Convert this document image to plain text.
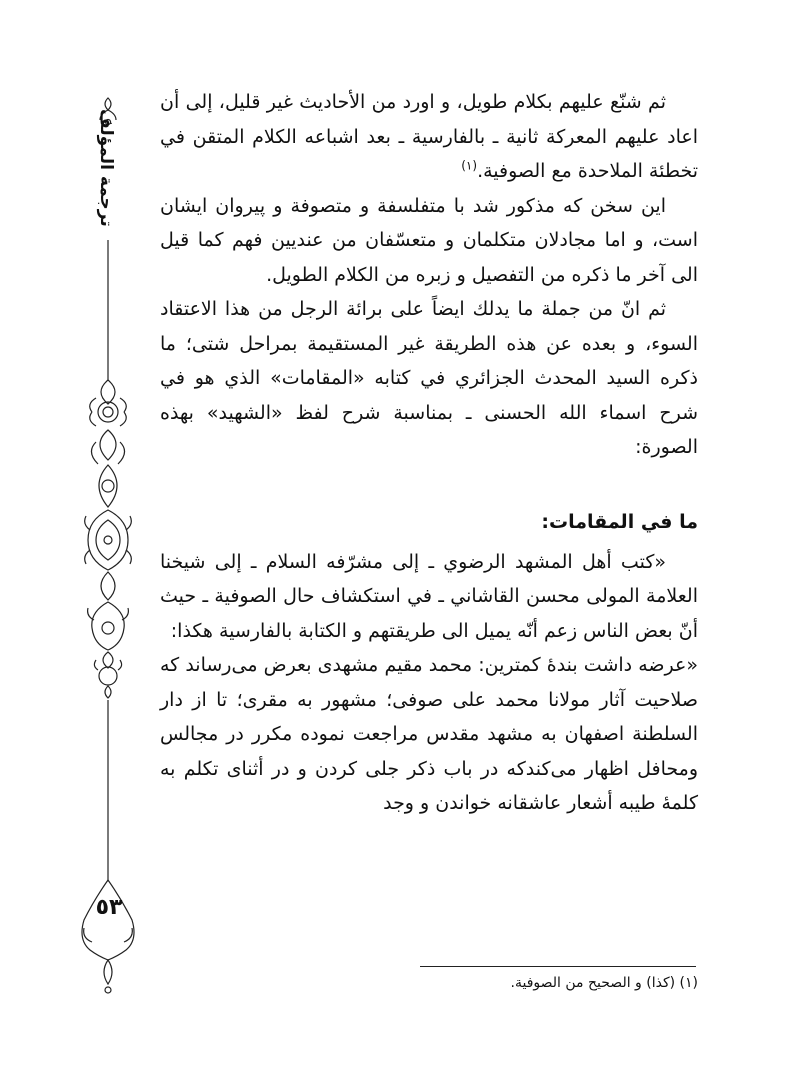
ترجمة المؤلف
٥٣

ثم شنّع عليهم بكلام طويل، و اورد من الأحاديث غير قليل، إلى أن اعاد عليهم المعركة ثانية ـ بالفارسية ـ بعد اشباعه الكلام المتقن في تخطئة الملاحدة مع الصوفية.$^{(١)}$

اين سخن كه مذكور شد با متفلسفة و متصوفة و پيروان ايشان است، و اما مجادلان متكلمان و متعسّفان من عنديين فهم كما قيل الى آخر ما ذكره من التفصيل و زبره من الكلام الطويل.

ثم انّ من جملة ما يدلك ايضاً على برائة الرجل من هذا الاعتقاد السوء، و بعده عن هذه الطريقة غير المستقيمة بمراحل شتى؛ ما ذكره السيد المحدث الجزائري في كتابه «المقامات» الذي هو في شرح اسماء الله الحسنى ـ بمناسبة شرح لفظ «الشهيد» بهذه الصورة:

ما في المقامات:

«كتب أهل المشهد الرضوي ـ إلى مشرّفه السلام ـ إلى شيخنا العلامة المولى محسن القاشاني ـ في استكشاف حال الصوفية ـ حيث أنّ بعض الناس زعم أنّه يميل الى طريقتهم و الكتابة بالفارسية هكذا:

«عرضه داشت بندۀ كمترين: محمد مقيم مشهدى بعرض مى‌رساند كه صلاحيت آثار مولانا محمد على صوفى؛ مشهور به مقرى؛ تا از دار السلطنة اصفهان به مشهد مقدس مراجعت نموده مكرر در مجالس ومحافل اظهار مى‌كندكه در باب ذكر جلى كردن و در أثناى تكلم به كلمۀ طيبه أشعار عاشقانه خواندن و وجد

(١) (كذا) و الصحيح من الصوفية.
